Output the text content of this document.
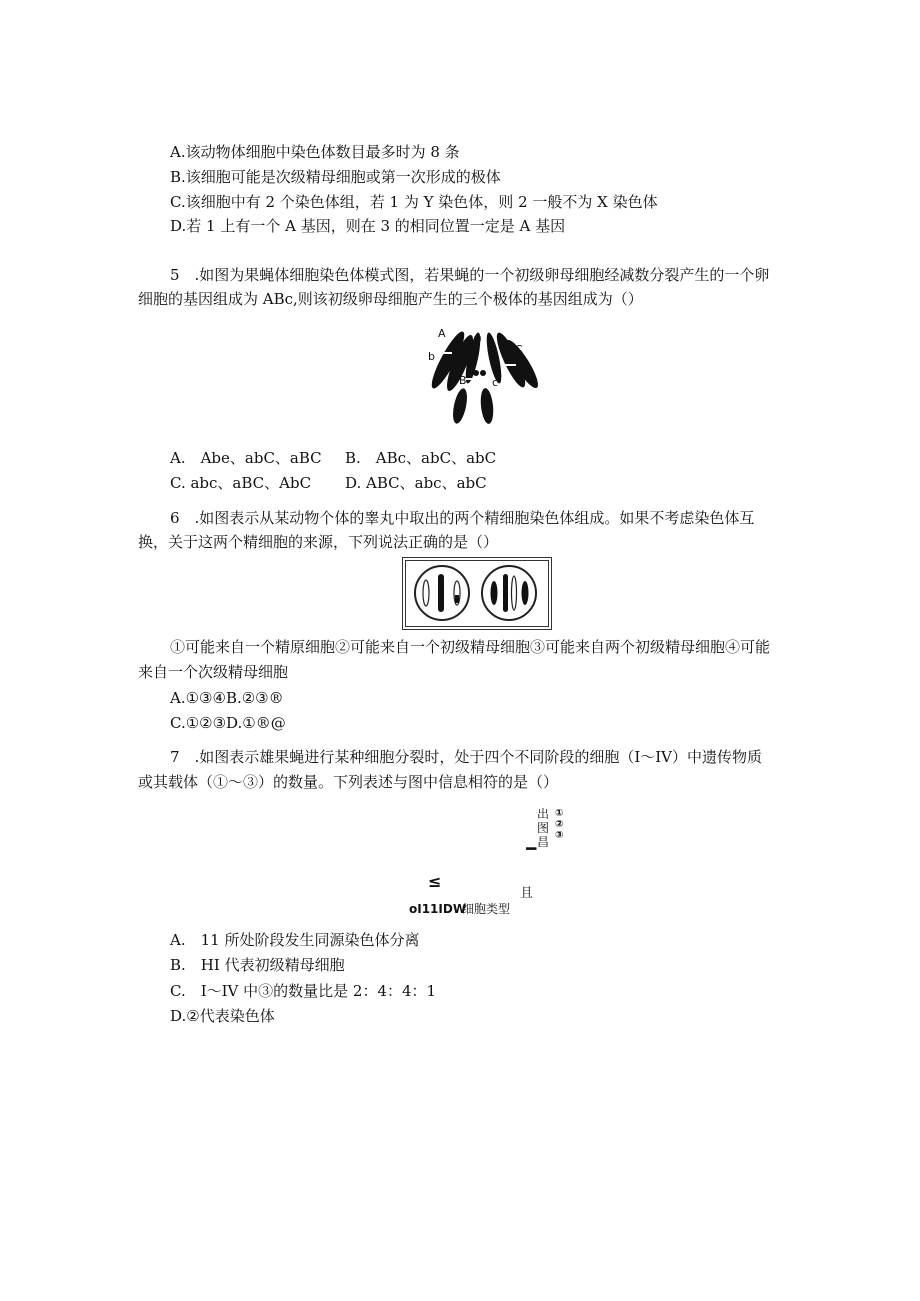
A.该动物体细胞中染色体数目最多时为 8 条
B.该细胞可能是次级精母细胞或第一次形成的极体
C.该细胞中有 2 个染色体组，若 1 为 Y 染色体，则 2 一般不为 X 染色体
D.若 1 上有一个 A 基因，则在 3 的相同位置一定是 A 基因
5　.如图为果蝇体细胞染色体模式图，若果蝇的一个初级卵母细胞经减数分裂产生的一个卵
细胞的基因组成为 ABc,则该初级卵母细胞产生的三个极体的基因组成为（）
A	a
b
B
C
c
A.　Abe、abC、aBC B.　ABc、abC、abC
C. abc、aBC、AbC D. ABC、abc、abC
6　.如图表示从某动物个体的睾丸中取出的两个精细胞染色体组成。如果不考虑染色体互
换，关于这两个精细胞的来源，下列说法正确的是（）
①可能来自一个精原细胞②可能来自一个初级精母细胞③可能来自两个初级精母细胞④可能
来自一个次级精母细胞
A.①③④B.②③®
C.①②③D.①®@
7　.如图表示雄果蝇进行某种细胞分裂时，处于四个不同阶段的细胞（I～IV）中遗传物质
或其载体（①～③）的数量。下列表述与图中信息相符的是（）
出图昌
①②③
I
≤
oI11IDW
细胞类型
且
A.　11 所处阶段发生同源染色体分离
B.　HI 代表初级精母细胞
C.　I～IV 中③的数量比是 2：4：4：1
D.②代表染色体
